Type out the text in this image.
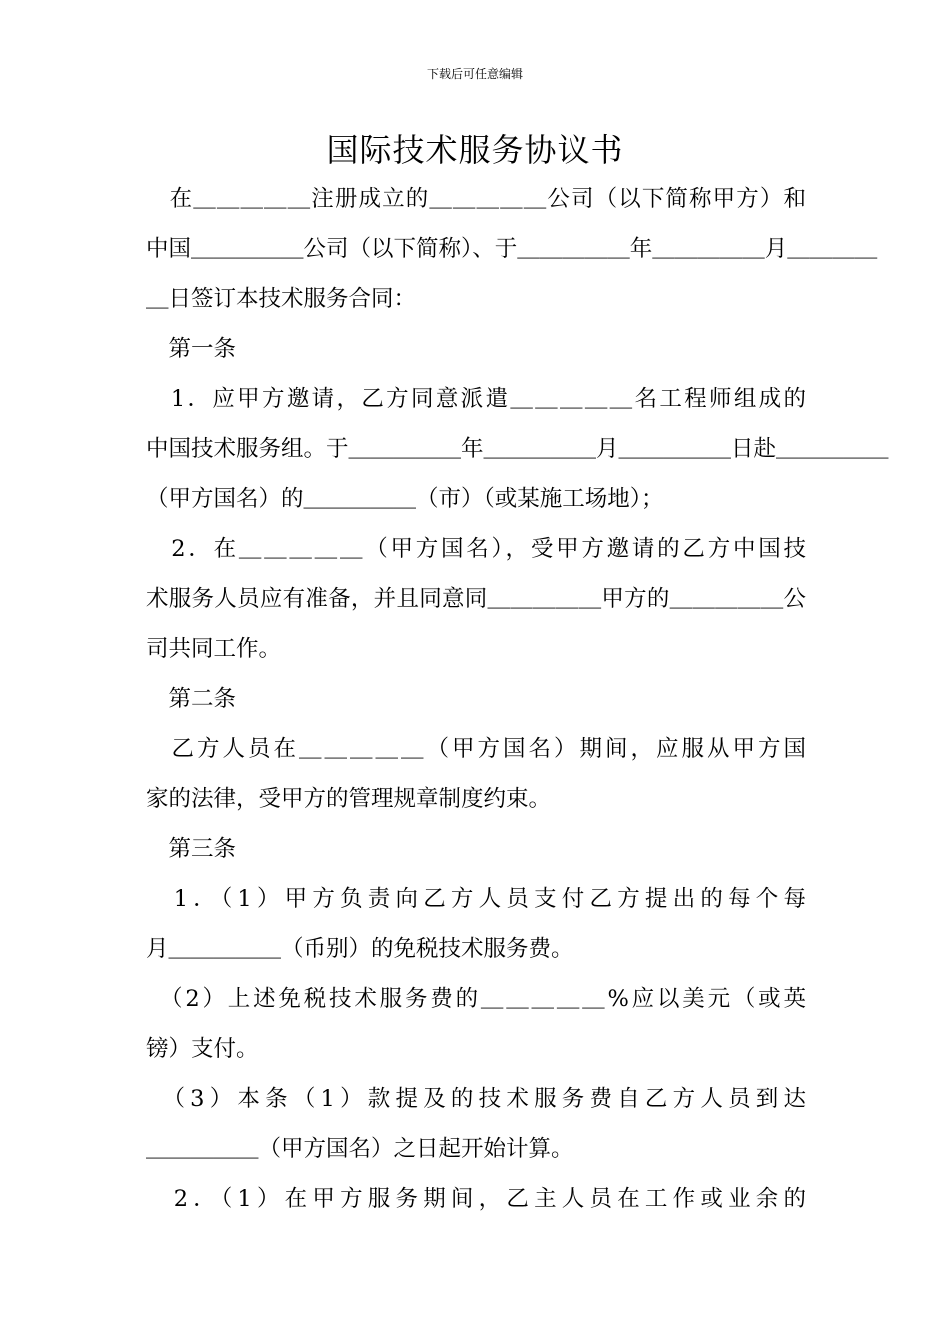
下载后可任意编辑
国际技术服务协议书
　在＿＿＿＿＿注册成立的＿＿＿＿＿公司（以下简称甲方）和
中国＿＿＿＿＿公司（以下简称）、于＿＿＿＿＿年＿＿＿＿＿月＿＿＿＿
＿日签订本技术服务合同：
　第一条
　1．应甲方邀请，乙方同意派遣＿＿＿＿＿名工程师组成的
中国技术服务组。于＿＿＿＿＿年＿＿＿＿＿月＿＿＿＿＿日赴＿＿＿＿＿
（甲方国名）的＿＿＿＿＿（市）（或某施工场地）；
　2．在＿＿＿＿＿（甲方国名），受甲方邀请的乙方中国技
术服务人员应有准备，并且同意同＿＿＿＿＿甲方的＿＿＿＿＿公
司共同工作。
　第二条
　乙方人员在＿＿＿＿＿（甲方国名）期间，应服从甲方国
家的法律，受甲方的管理规章制度约束。
　第三条
　1．（1）甲方负责向乙方人员支付乙方提出的每个每
月＿＿＿＿＿（币别）的免税技术服务费。
　（2）上述免税技术服务费的＿＿＿＿＿%应以美元（或英
镑）支付。
　（3）本条（1）款提及的技术服务费自乙方人员到达
＿＿＿＿＿（甲方国名）之日起开始计算。
　2．（1）在甲方服务期间，乙主人员在工作或业余的
